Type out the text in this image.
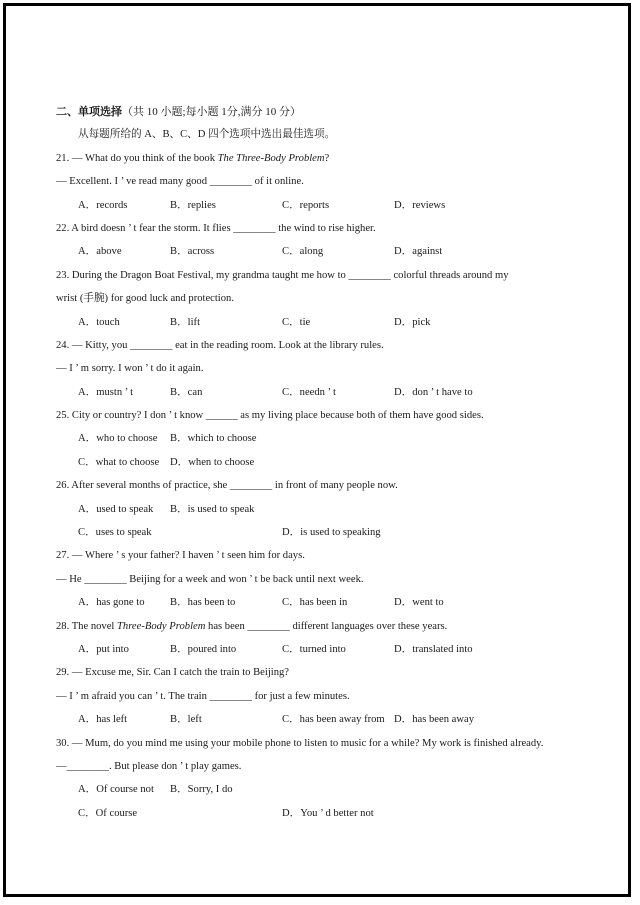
二、单项选择（共 10 小题;每小题 1分,满分 10 分）
从每题所给的 A、B、C、D 四个选项中选出最佳选项。
21. — What do you think of the book The Three-Body Problem?
— Excellent. I ’ ve read many good ________ of it online.
A．records	B．replies	C．reports	D．reviews
22. A bird doesn ’ t fear the storm. It flies ________ the wind to rise higher.
A．above	B．across	C．along	D．against
23. During the Dragon Boat Festival, my grandma taught me how to ________ colorful threads around my
wrist (手腕) for good luck and protection.
A．touch	B．lift	C．tie	D．pick
24. — Kitty, you ________ eat in the reading room. Look at the library rules.
— I ’ m sorry. I won ’ t do it again.
A．mustn ’ t	B．can	C．needn ’ t	D．don ’ t have to
25. City or country? I don ’ t know ______ as my living place because both of them have good sides.
A．who to choose B．which to choose
C．what to choose D．when to choose
26. After several months of practice, she ________ in front of many people now.
A．used to speak B．is used to speak
C．uses to speak	D．is used to speaking
27. — Where ’ s your father? I haven ’ t seen him for days.
— He ________ Beijing for a week and won ’ t be back until next week.
A．has gone to B．has been to	C．has been in	D．went to
28. The novel Three-Body Problem has been ________ different languages over these years.
A．put into	B．poured into	C．turned into	D．translated into
29. — Excuse me, Sir. Can I catch the train to Beijing?
— I ’ m afraid you can ’ t. The train ________ for just a few minutes.
A．has left	B．left	C．has been away from D．has been away
30. — Mum, do you mind me using your mobile phone to listen to music for a while? My work is finished already.
—________. But please don ’ t play games.
A．Of course not B．Sorry, I do
C．Of course	D．You ’ d better not
